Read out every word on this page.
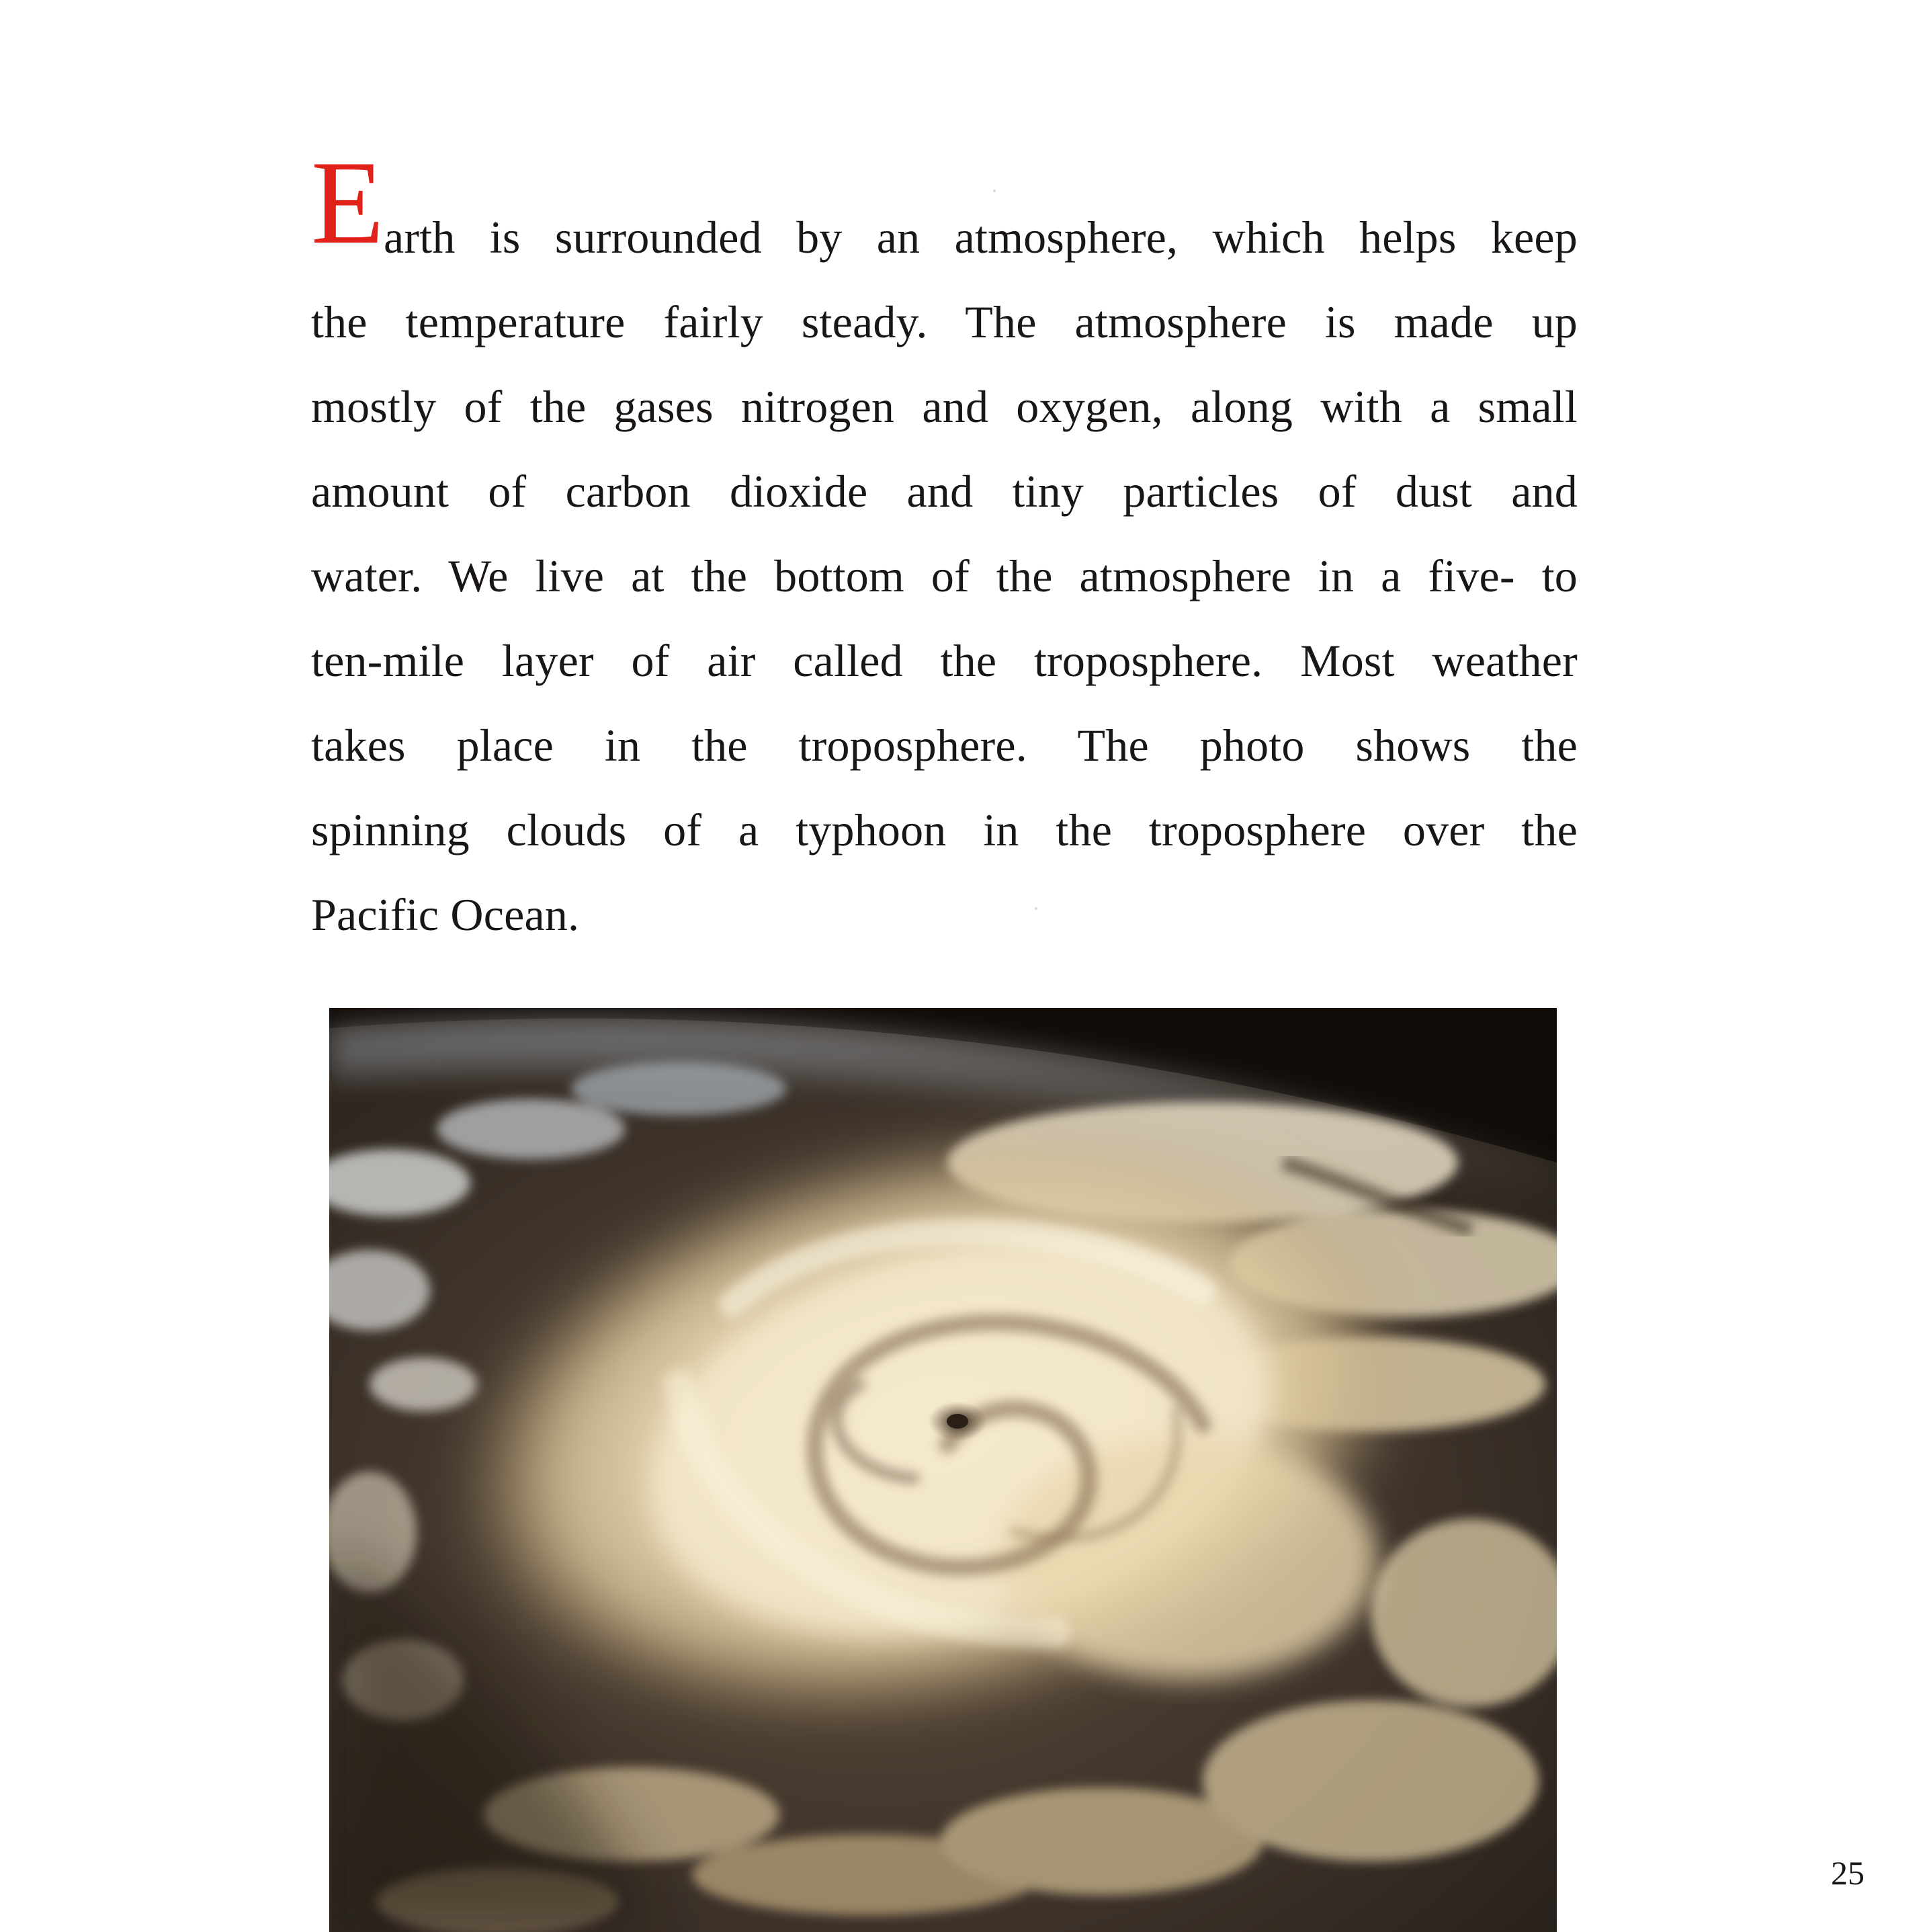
E arth is surrounded by an atmosphere, which helps keep
the temperature fairly steady. The atmosphere is made up
mostly of the gases nitrogen and oxygen, along with a small
amount of carbon dioxide and tiny particles of dust and
water. We live at the bottom of the atmosphere in a five- to
ten-mile layer of air called the troposphere. Most weather
takes place in the troposphere. The photo shows the
spinning clouds of a typhoon in the troposphere over the
Pacific Ocean.
25
